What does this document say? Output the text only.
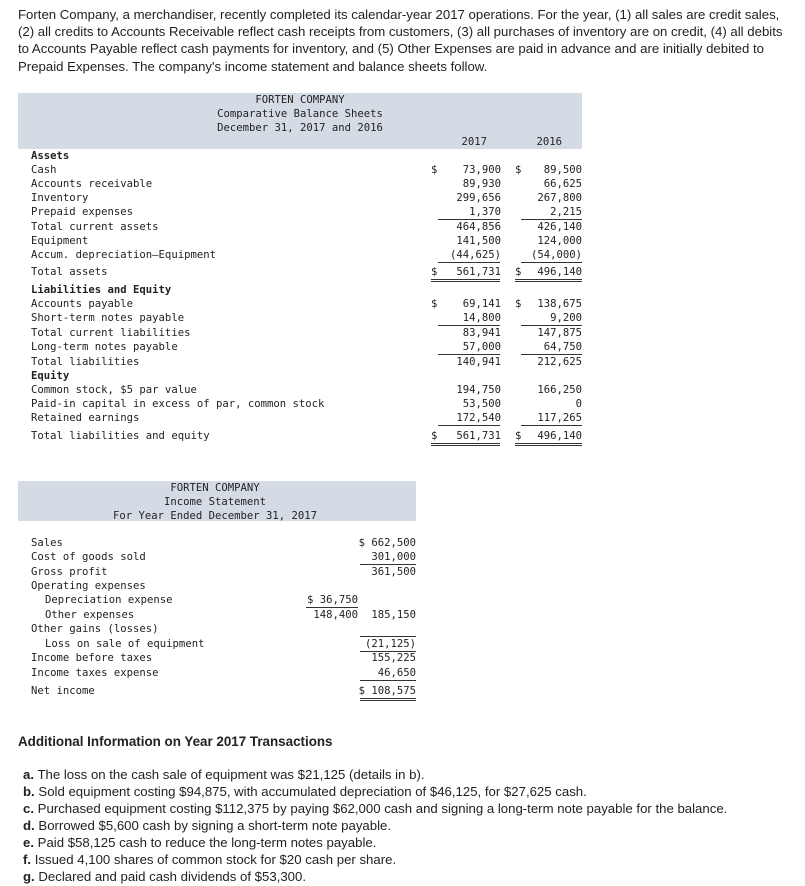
Forten Company, a merchandiser, recently completed its calendar-year 2017 operations. For the year, (1) all sales are credit sales, (2) all credits to Accounts Receivable reflect cash receipts from customers, (3) all purchases of inventory are on credit, (4) all debits to Accounts Payable reflect cash payments for inventory, and (5) Other Expenses are paid in advance and are initially debited to Prepaid Expenses. The company's income statement and balance sheets follow.

FORTEN COMPANY
Comparative Balance Sheets
December 31, 2017 and 2016
2017	2016
Assets
Cash	$ 73,900 $ 89,500
Accounts receivable	89,930	66,625
Inventory	299,656	267,800
Prepaid expenses	1,370	2,215
Total current assets	464,856	426,140
Equipment	141,500	124,000
Accum. depreciation—Equipment	(44,625)	(54,000)
Total assets	$ 561,731 $ 496,140
Liabilities and Equity
Accounts payable	$ 69,141 $ 138,675
Short-term notes payable	14,800	9,200
Total current liabilities	83,941	147,875
Long-term notes payable	57,000	64,750
Total liabilities	140,941	212,625
Equity
Common stock, $5 par value	194,750	166,250
Paid-in capital in excess of par, common stock	53,500	0
Retained earnings	172,540	117,265
Total liabilities and equity	$ 561,731 $ 496,140
FORTEN COMPANY
Income Statement
For Year Ended December 31, 2017
Sales	$ 662,500
Cost of goods sold	301,000
Gross profit	361,500
Operating expenses
Depreciation expense	$ 36,750
Other expenses	148,400 185,150
Other gains (losses)
Loss on sale of equipment	(21,125)
Income before taxes	155,225
Income taxes expense	46,650
Net income	$ 108,575
Additional Information on Year 2017 Transactions
a. The loss on the cash sale of equipment was $21,125 (details in b).
b. Sold equipment costing $94,875, with accumulated depreciation of $46,125, for $27,625 cash.
c. Purchased equipment costing $112,375 by paying $62,000 cash and signing a long-term note payable for the balance.
d. Borrowed $5,600 cash by signing a short-term note payable.
e. Paid $58,125 cash to reduce the long-term notes payable.
f. Issued 4,100 shares of common stock for $20 cash per share.
g. Declared and paid cash dividends of $53,300.
